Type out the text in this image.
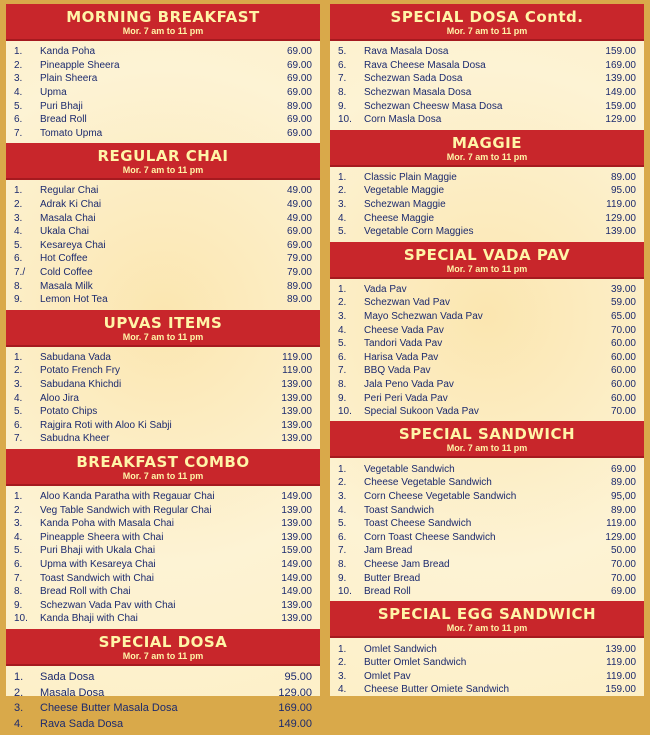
MORNING BREAKFAST
Mor. 7 am to 11 pm
1.	Kanda Poha	69.00
2.	Pineapple Sheera	69.00
3.	Plain Sheera	69.00
4.	Upma	69.00
5.	Puri Bhaji	89.00
6.	Bread Roll	69.00
7.	Tomato Upma	69.00
REGULAR CHAI
Mor. 7 am to 11 pm
1.	Regular Chai	49.00
2.	Adrak Ki Chai	49.00
3.	Masala Chai	49.00
4.	Ukala Chai	69.00
5.	Kesareya Chai	69.00
6.	Hot Coffee	79.00
7./	Cold Coffee	79.00
8.	Masala Milk	89.00
9.	Lemon Hot Tea	89.00
UPVAS ITEMS
Mor. 7 am to 11 pm
1.	Sabudana Vada	119.00
2.	Potato French Fry	119.00
3.	Sabudana Khichdi	139.00
4.	Aloo Jira	139.00
5.	Potato Chips	139.00
6.	Rajgira Roti with Aloo Ki Sabji	139.00
7.	Sabudna Kheer	139.00
BREAKFAST COMBO
Mor. 7 am to 11 pm
1.	Aloo Kanda Paratha with Regauar Chai	149.00
2.	Veg Table Sandwich with Regular Chai	139.00
3.	Kanda Poha with Masala Chai	139.00
4.	Pineapple Sheera with Chai	139.00
5.	Puri Bhaji with Ukala Chai	159.00
6.	Upma with Kesareya Chai	149.00
7.	Toast Sandwich with Chai	149.00
8.	Bread Roll with Chai	149.00
9.	Schezwan Vada Pav with Chai	139.00
10.	Kanda Bhaji with Chai	139.00
SPECIAL DOSA
Mor. 7 am to 11 pm
1.	Sada Dosa	95.00
2.	Masala Dosa	129.00
3.	Cheese Butter Masala Dosa	169.00
4.	Rava Sada Dosa	149.00
SPECIAL DOSA Contd.
Mor. 7 am to 11 pm
5.	Rava Masala Dosa	159.00
6.	Rava Cheese Masala Dosa	169.00
7.	Schezwan Sada Dosa	139.00
8.	Schezwan Masala Dosa	149.00
9.	Schezwan Cheesw Masa Dosa	159.00
10.	Corn Masla Dosa	129.00
MAGGIE
Mor. 7 am to 11 pm
1.	Classic Plain Maggie	89.00
2.	Vegetable Maggie	95.00
3.	Schezwan Maggie	119.00
4.	Cheese Maggie	129.00
5.	Vegetable Corn Maggies	139.00
SPECIAL VADA PAV
Mor. 7 am to 11 pm
1.	Vada Pav	39.00
2.	Schezwan Vad Pav	59.00
3.	Mayo Schezwan Vada Pav	65.00
4.	Cheese Vada Pav	70.00
5.	Tandori Vada Pav	60.00
6.	Harisa Vada Pav	60.00
7.	BBQ Vada Pav	60.00
8.	Jala Peno Vada Pav	60.00
9.	Peri Peri Vada Pav	60.00
10.	Special Sukoon Vada Pav	70.00
SPECIAL SANDWICH
Mor. 7 am to 11 pm
1.	Vegetable Sandwich	69.00
2.	Cheese Vegetable Sandwich	89.00
3.	Corn Cheese Vegetable Sandwich	95,00
4.	Toast Sandwich	89.00
5.	Toast Cheese Sandwich	119.00
6.	Corn Toast Cheese Sandwich	129.00
7.	Jam Bread	50.00
8.	Cheese Jam Bread	70.00
9.	Butter Bread	70.00
10.	Bread Roll	69.00
SPECIAL EGG SANDWICH
Mor. 7 am to 11 pm
1.	Omlet Sandwich	139.00
2.	Butter Omlet Sandwich	119.00
3.	Omlet Pav	119.00
4.	Cheese Butter Omiete Sandwich	159.00
